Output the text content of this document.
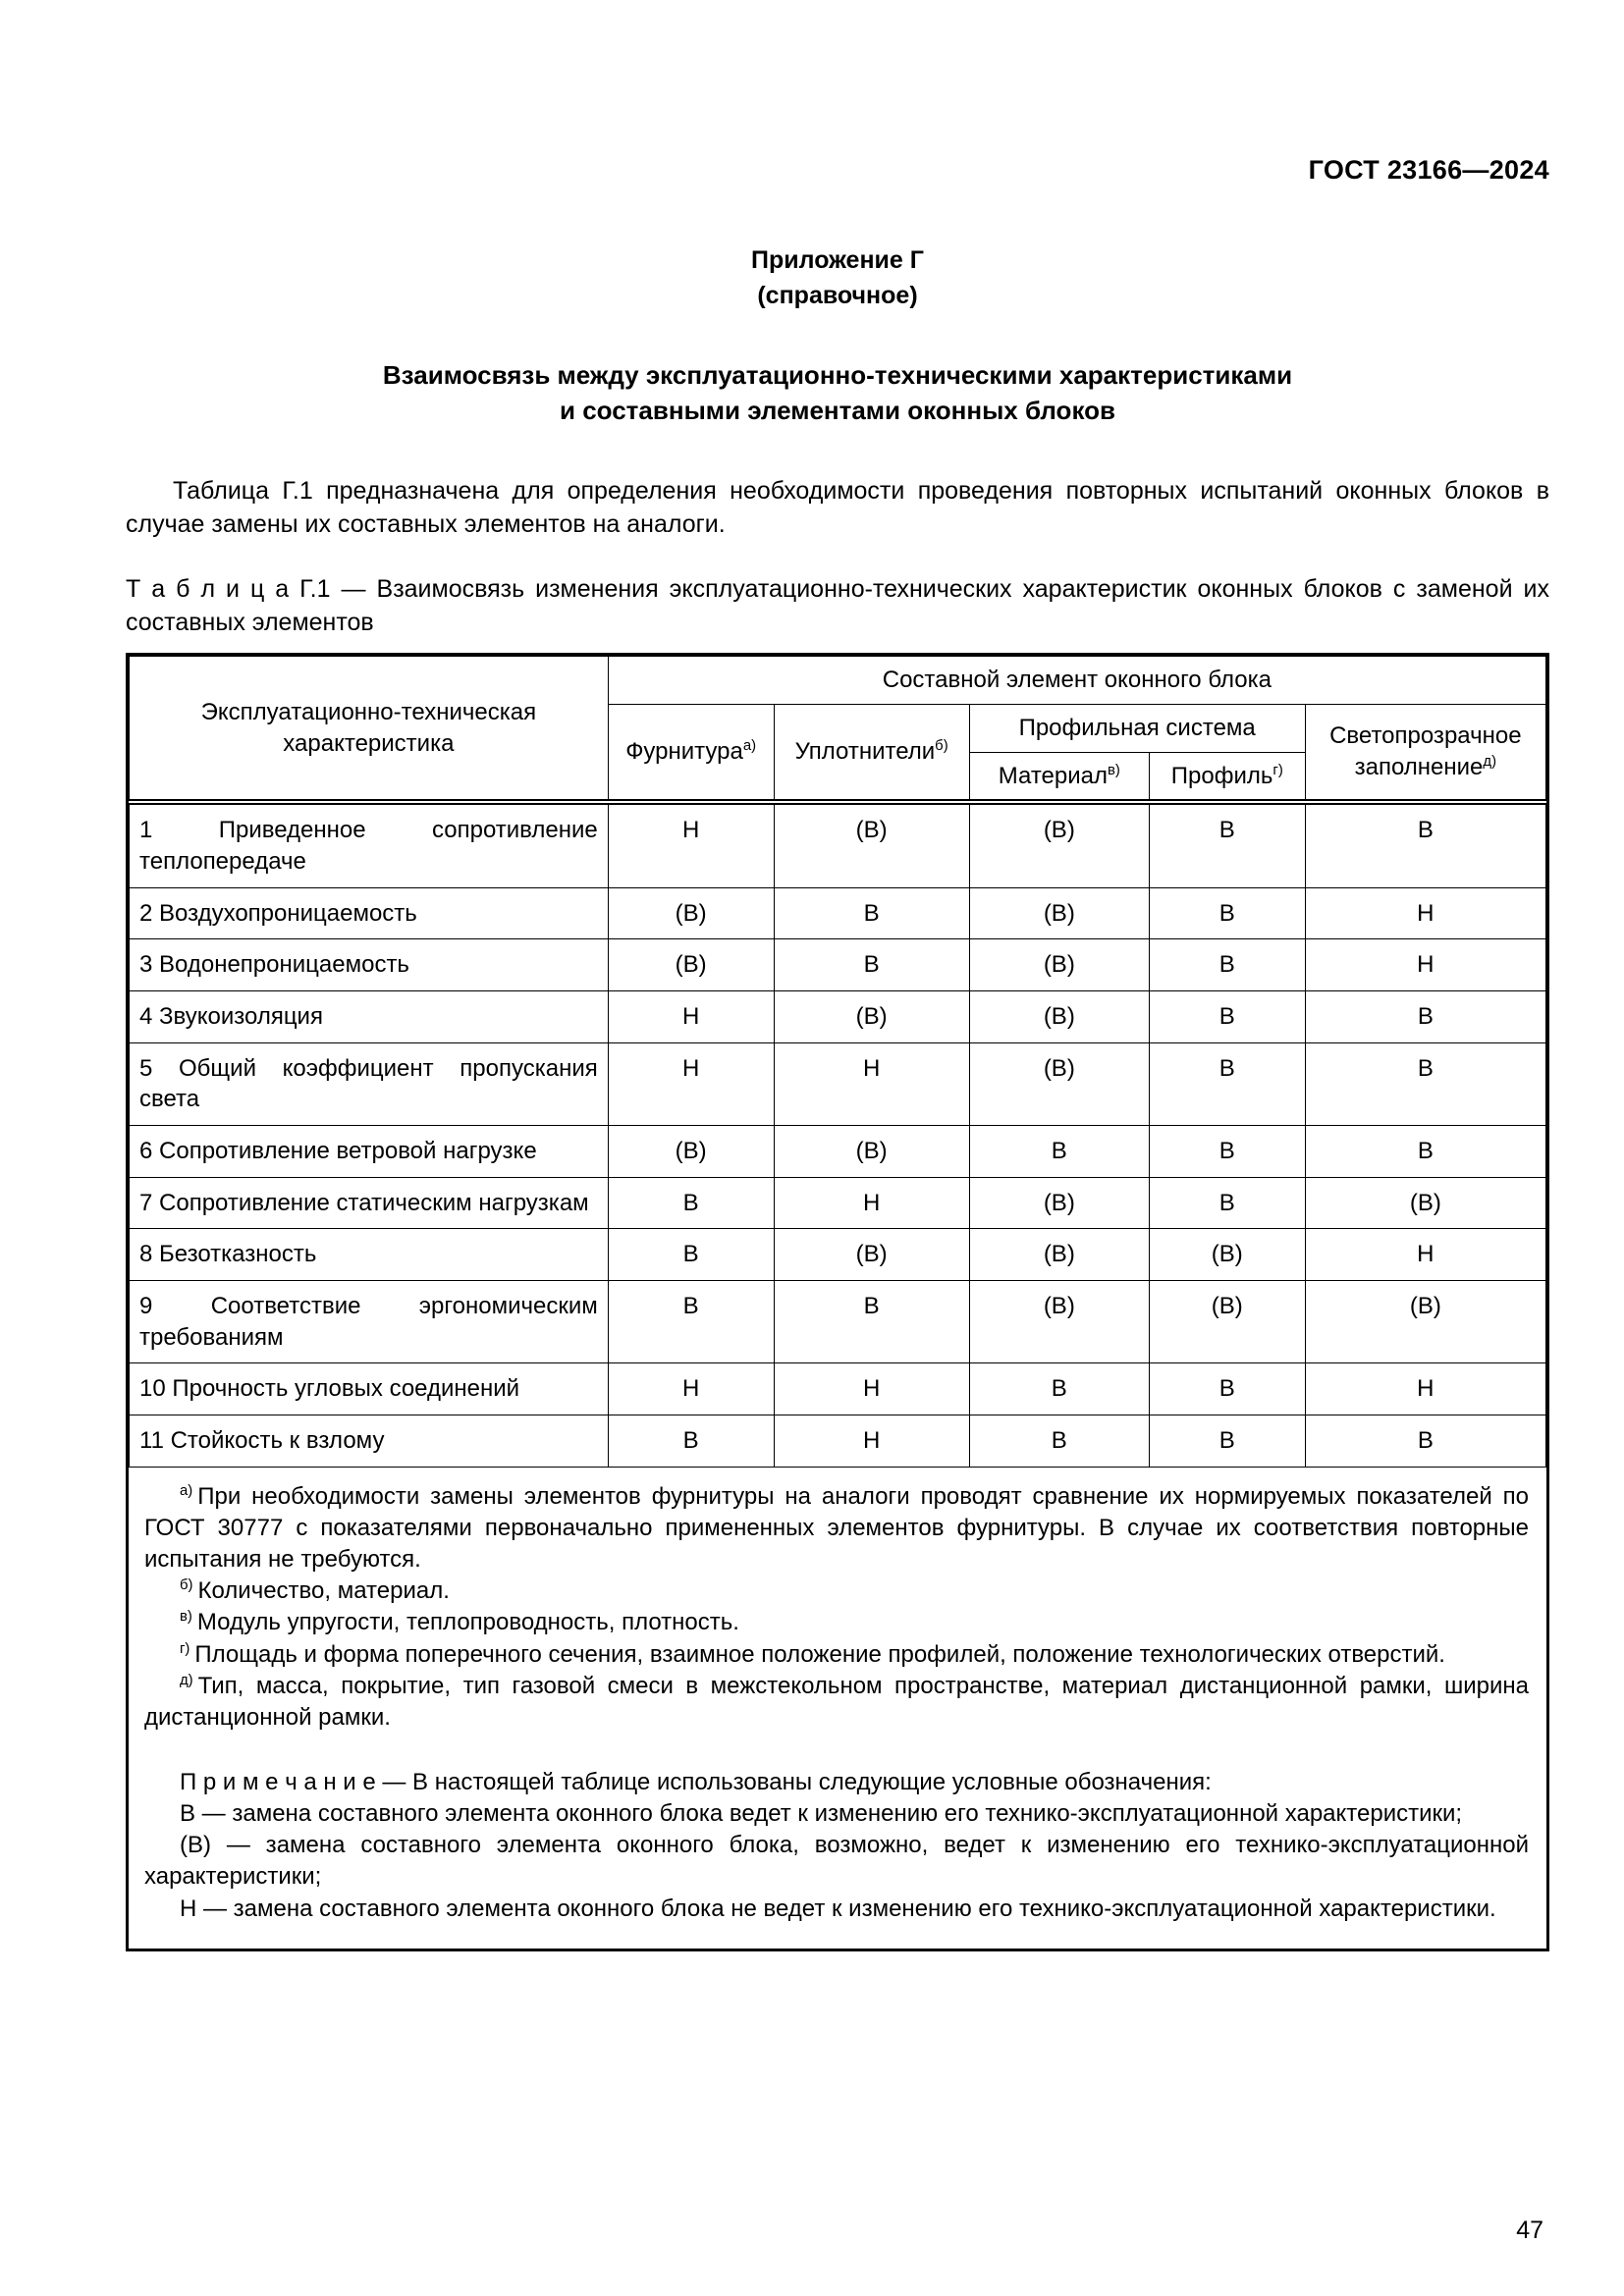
ГОСТ 23166—2024
Приложение Г
(справочное)
Взаимосвязь между эксплуатационно-техническими характеристиками
и составными элементами оконных блоков

Таблица Г.1 предназначена для определения необходимости проведения повторных испытаний оконных блоков в случае замены их составных элементов на аналоги.

Т а б л и ц а Г.1 — Взаимосвязь изменения эксплуатационно-технических характеристик оконных блоков с заменой их составных элементов

Эксплуатационно-техническая характеристика	Составной элемент оконного блока				
	Фурнитура$^{а)}$	Уплотнители$^{б)}$	Профильная система		Светопрозрачное заполнение$^{д)}$
			Материал$^{в)}$	Профиль$^{г)}$
1 Приведенное сопротивление теплопередаче	Н	(В)	(В)	В	В
2 Воздухопроницаемость	(В)	В	(В)	В	Н
3 Водонепроницаемость	(В)	В	(В)	В	Н
4 Звукоизоляция	Н	(В)	(В)	В	В
5 Общий коэффициент пропускания света	Н	Н	(В)	В	В
6 Сопротивление ветровой нагрузке	(В)	(В)	В	В	В
7 Сопротивление статическим нагрузкам	В	Н	(В)	В	(В)
8 Безотказность	В	(В)	(В)	(В)	Н
9 Соответствие эргономическим требованиям	В	В	(В)	(В)	(В)
10 Прочность угловых соединений	Н	Н	В	В	Н
11 Стойкость к взлому	В	Н	В	В	В

$^{а)}$ При необходимости замены элементов фурнитуры на аналоги проводят сравнение их нормируемых показателей по ГОСТ 30777 с показателями первоначально примененных элементов фурнитуры. В случае их соответствия повторные испытания не требуются.

$^{б)}$ Количество, материал.

$^{в)}$ Модуль упругости, теплопроводность, плотность.

$^{г)}$ Площадь и форма поперечного сечения, взаимное положение профилей, положение технологических отверстий.

$^{д)}$ Тип, масса, покрытие, тип газовой смеси в межстекольном пространстве, материал дистанционной рамки, ширина дистанционной рамки.

П р и м е ч а н и е — В настоящей таблице использованы следующие условные обозначения:

В — замена составного элемента оконного блока ведет к изменению его технико-эксплуатационной характеристики;

(В) — замена составного элемента оконного блока, возможно, ведет к изменению его технико-эксплуатационной характеристики;

Н — замена составного элемента оконного блока не ведет к изменению его технико-эксплуатационной характеристики.

47
